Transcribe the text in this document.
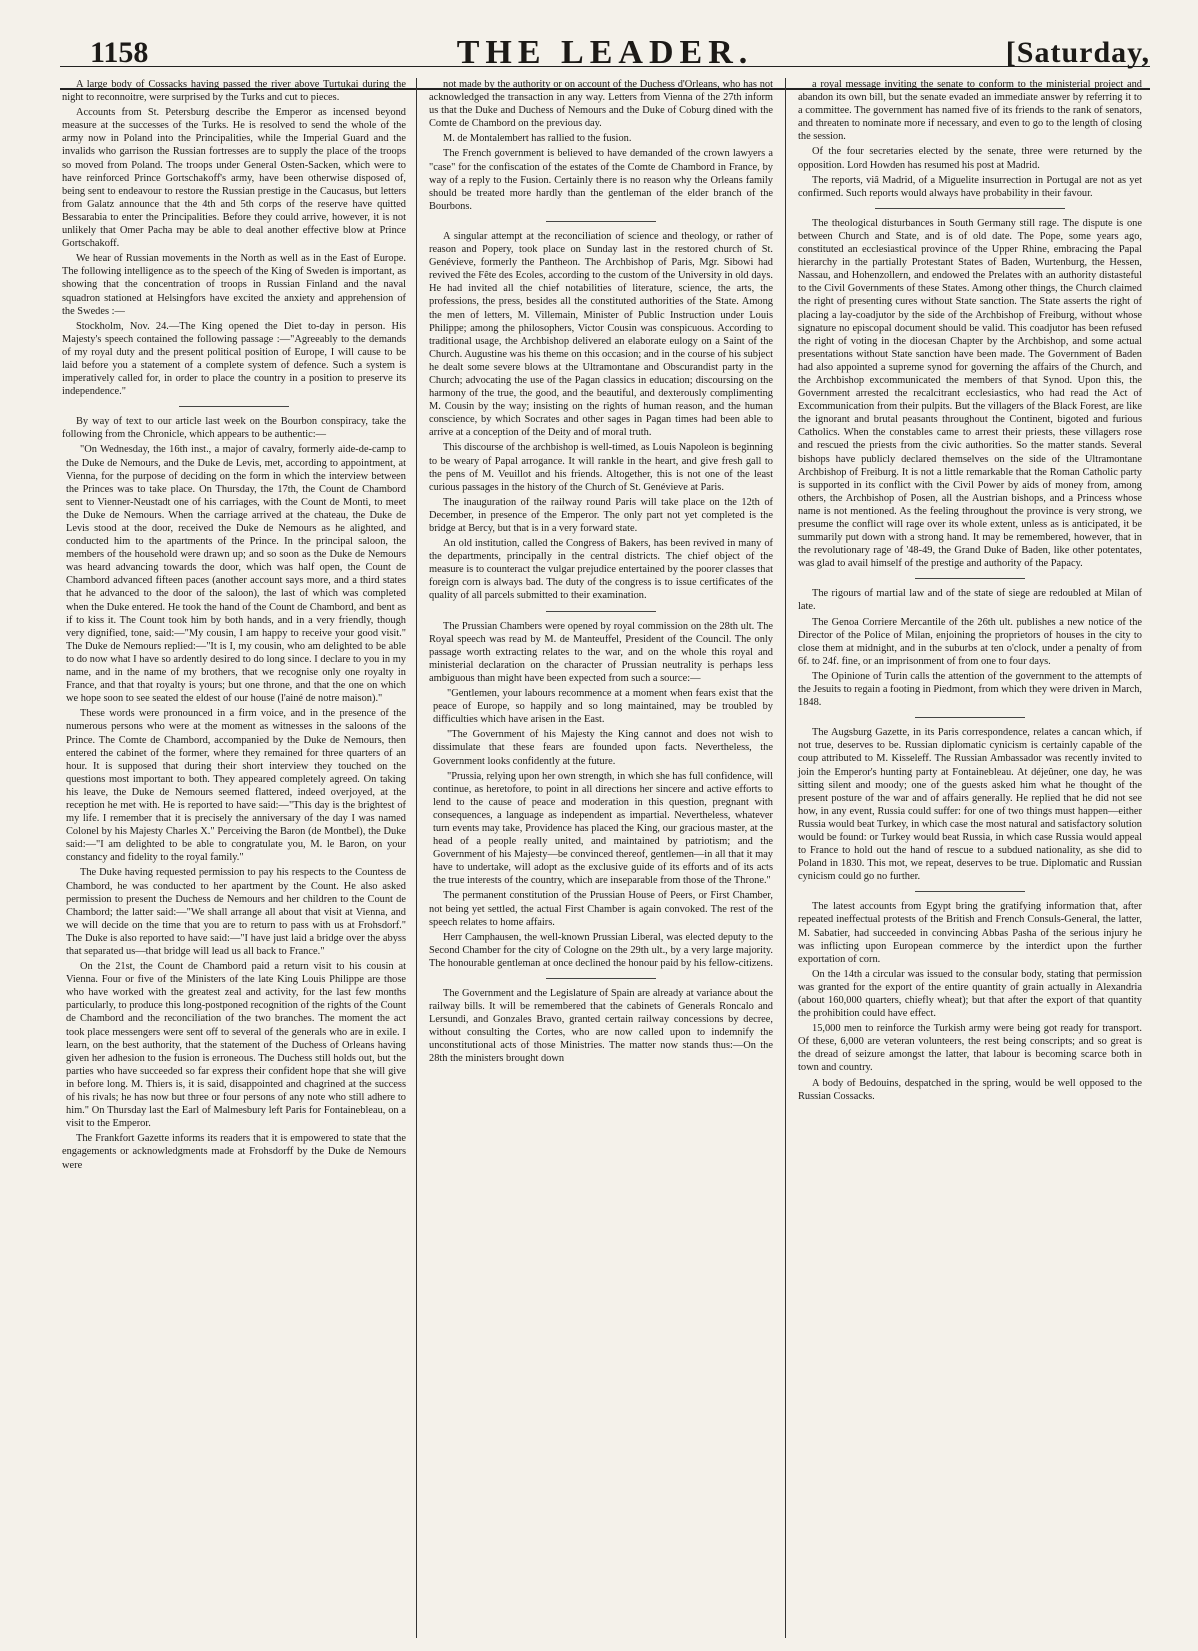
1158	THE LEADER.	[Saturday,

A large body of Cossacks having passed the river above Turtukai during the night to reconnoitre, were surprised by the Turks and cut to pieces.

Accounts from St. Petersburg describe the Emperor as incensed beyond measure at the successes of the Turks. He is resolved to send the whole of the army now in Poland into the Principalities, while the Imperial Guard and the invalids who garrison the Russian fortresses are to supply the place of the troops so moved from Poland. The troops under General Osten-Sacken, which were to have reinforced Prince Gortschakoff's army, have been otherwise disposed of, being sent to endeavour to restore the Russian prestige in the Caucasus, but letters from Galatz announce that the 4th and 5th corps of the reserve have quitted Bessarabia to enter the Principalities. Before they could arrive, however, it is not unlikely that Omer Pacha may be able to deal another effective blow at Prince Gortschakoff.

We hear of Russian movements in the North as well as in the East of Europe. The following intelligence as to the speech of the King of Sweden is important, as showing that the concentration of troops in Russian Finland and the naval squadron stationed at Helsingfors have excited the anxiety and apprehension of the Swedes :—

Stockholm, Nov. 24.—The King opened the Diet to-day in person. His Majesty's speech contained the following passage :—"Agreeably to the demands of my royal duty and the present political position of Europe, I will cause to be laid before you a statement of a complete system of defence. Such a system is imperatively called for, in order to place the country in a position to preserve its independence."

By way of text to our article last week on the Bourbon conspiracy, take the following from the Chronicle, which appears to be authentic:—

"On Wednesday, the 16th inst., a major of cavalry, formerly aide-de-camp to the Duke de Nemours, and the Duke de Levis, met, according to appointment, at Vienna, for the purpose of deciding on the form in which the interview between the Princes was to take place. On Thursday, the 17th, the Count de Chambord sent to Vienner-Neustadt one of his carriages, with the Count de Monti, to meet the Duke de Nemours. When the carriage arrived at the chateau, the Duke de Levis stood at the door, received the Duke de Nemours as he alighted, and conducted him to the apartments of the Prince. In the principal saloon, the members of the household were drawn up; and so soon as the Duke de Nemours was heard advancing towards the door, which was half open, the Count de Chambord advanced fifteen paces (another account says more, and a third states that he advanced to the door of the saloon), the last of which was completed when the Duke entered. He took the hand of the Count de Chambord, and bent as if to kiss it. The Count took him by both hands, and in a very friendly, though very dignified, tone, said:—"My cousin, I am happy to receive your good visit." The Duke de Nemours replied:—"It is I, my cousin, who am delighted to be able to do now what I have so ardently desired to do long since. I declare to you in my name, and in the name of my brothers, that we recognise only one royalty in France, and that that royalty is yours; but one throne, and that the one on which we hope soon to see seated the eldest of our house (l'ainé de notre maison)."

These words were pronounced in a firm voice, and in the presence of the numerous persons who were at the moment as witnesses in the saloons of the Prince. The Comte de Chambord, accompanied by the Duke de Nemours, then entered the cabinet of the former, where they remained for three quarters of an hour. It is supposed that during their short interview they touched on the questions most important to both. They appeared completely agreed. On taking his leave, the Duke de Nemours seemed flattered, indeed overjoyed, at the reception he met with. He is reported to have said:—"This day is the brightest of my life. I remember that it is precisely the anniversary of the day I was named Colonel by his Majesty Charles X." Perceiving the Baron (de Montbel), the Duke said:—"I am delighted to be able to congratulate you, M. le Baron, on your constancy and fidelity to the royal family."

The Duke having requested permission to pay his respects to the Countess de Chambord, he was conducted to her apartment by the Count. He also asked permission to present the Duchess de Nemours and her children to the Count de Chambord; the latter said:—"We shall arrange all about that visit at Vienna, and we will decide on the time that you are to return to pass with us at Frohsdorf." The Duke is also reported to have said:—"I have just laid a bridge over the abyss that separated us—that bridge will lead us all back to France."

On the 21st, the Count de Chambord paid a return visit to his cousin at Vienna. Four or five of the Ministers of the late King Louis Philippe are those who have worked with the greatest zeal and activity, for the last few months particularly, to produce this long-postponed recognition of the rights of the Count de Chambord and the reconciliation of the two branches. The moment the act took place messengers were sent off to several of the generals who are in exile. I learn, on the best authority, that the statement of the Duchess of Orleans having given her adhesion to the fusion is erroneous. The Duchess still holds out, but the parties who have succeeded so far express their confident hope that she will give in before long. M. Thiers is, it is said, disappointed and chagrined at the success of his rivals; he has now but three or four persons of any note who still adhere to him." On Thursday last the Earl of Malmesbury left Paris for Fontainebleau, on a visit to the Emperor.

The Frankfort Gazette informs its readers that it is empowered to state that the engagements or acknowledgments made at Frohsdorff by the Duke de Nemours were

not made by the authority or on account of the Duchess d'Orleans, who has not acknowledged the transaction in any way. Letters from Vienna of the 27th inform us that the Duke and Duchess of Nemours and the Duke of Coburg dined with the Comte de Chambord on the previous day.

M. de Montalembert has rallied to the fusion.

The French government is believed to have demanded of the crown lawyers a "case" for the confiscation of the estates of the Comte de Chambord in France, by way of a reply to the Fusion. Certainly there is no reason why the Orleans family should be treated more hardly than the gentleman of the elder branch of the Bourbons.

A singular attempt at the reconciliation of science and theology, or rather of reason and Popery, took place on Sunday last in the restored church of St. Genévieve, formerly the Pantheon. The Archbishop of Paris, Mgr. Sibowi had revived the Fête des Ecoles, according to the custom of the University in old days. He had invited all the chief notabilities of literature, science, the arts, the professions, the press, besides all the constituted authorities of the State. Among the men of letters, M. Villemain, Minister of Public Instruction under Louis Philippe; among the philosophers, Victor Cousin was conspicuous. According to traditional usage, the Archbishop delivered an elaborate eulogy on a Saint of the Church. Augustine was his theme on this occasion; and in the course of his subject he dealt some severe blows at the Ultramontane and Obscurandist party in the Church; advocating the use of the Pagan classics in education; discoursing on the harmony of the true, the good, and the beautiful, and dexterously complimenting M. Cousin by the way; insisting on the rights of human reason, and the human conscience, by which Socrates and other sages in Pagan times had been able to arrive at a conception of the Deity and of moral truth.

This discourse of the archbishop is well-timed, as Louis Napoleon is beginning to be weary of Papal arrogance. It will rankle in the heart, and give fresh gall to the pens of M. Veuillot and his friends. Altogether, this is not one of the least curious passages in the history of the Church of St. Genévieve at Paris.

The inauguration of the railway round Paris will take place on the 12th of December, in presence of the Emperor. The only part not yet completed is the bridge at Bercy, but that is in a very forward state.

An old institution, called the Congress of Bakers, has been revived in many of the departments, principally in the central districts. The chief object of the measure is to counteract the vulgar prejudice entertained by the poorer classes that foreign corn is always bad. The duty of the congress is to issue certificates of the quality of all parcels submitted to their examination.

The Prussian Chambers were opened by royal commission on the 28th ult. The Royal speech was read by M. de Manteuffel, President of the Council. The only passage worth extracting relates to the war, and on the whole this royal and ministerial declaration on the character of Prussian neutrality is perhaps less ambiguous than might have been expected from such a source:—

"Gentlemen, your labours recommence at a moment when fears exist that the peace of Europe, so happily and so long maintained, may be troubled by difficulties which have arisen in the East.

"The Government of his Majesty the King cannot and does not wish to dissimulate that these fears are founded upon facts. Nevertheless, the Government looks confidently at the future.

"Prussia, relying upon her own strength, in which she has full confidence, will continue, as heretofore, to point in all directions her sincere and active efforts to lend to the cause of peace and moderation in this question, pregnant with consequences, a language as independent as impartial. Nevertheless, whatever turn events may take, Providence has placed the King, our gracious master, at the head of a people really united, and maintained by patriotism; and the Government of his Majesty—be convinced thereof, gentlemen—in all that it may have to undertake, will adopt as the exclusive guide of its efforts and of its acts the true interests of the country, which are inseparable from those of the Throne."

The permanent constitution of the Prussian House of Peers, or First Chamber, not being yet settled, the actual First Chamber is again convoked. The rest of the speech relates to home affairs.

Herr Camphausen, the well-known Prussian Liberal, was elected deputy to the Second Chamber for the city of Cologne on the 29th ult., by a very large majority. The honourable gentleman at once declined the honour paid by his fellow-citizens.

The Government and the Legislature of Spain are already at variance about the railway bills. It will be remembered that the cabinets of Generals Roncalo and Lersundi, and Gonzales Bravo, granted certain railway concessions by decree, without consulting the Cortes, who are now called upon to indemnify the unconstitutional acts of those Ministries. The matter now stands thus:—On the 28th the ministers brought down

a royal message inviting the senate to conform to the ministerial project and abandon its own bill, but the senate evaded an immediate answer by referring it to a committee. The government has named five of its friends to the rank of senators, and threaten to nominate more if necessary, and even to go to the length of closing the session.

Of the four secretaries elected by the senate, three were returned by the opposition. Lord Howden has resumed his post at Madrid.

The reports, viâ Madrid, of a Miguelite insurrection in Portugal are not as yet confirmed. Such reports would always have probability in their favour.

The theological disturbances in South Germany still rage. The dispute is one between Church and State, and is of old date. The Pope, some years ago, constituted an ecclesiastical province of the Upper Rhine, embracing the Papal hierarchy in the partially Protestant States of Baden, Wurtenburg, the Hessen, Nassau, and Hohenzollern, and endowed the Prelates with an authority distasteful to the Civil Governments of these States. Among other things, the Church claimed the right of presenting cures without State sanction. The State asserts the right of placing a lay-coadjutor by the side of the Archbishop of Freiburg, without whose signature no episcopal document should be valid. This coadjutor has been refused the right of voting in the diocesan Chapter by the Archbishop, and some actual presentations without State sanction have been made. The Government of Baden had also appointed a supreme synod for governing the affairs of the Church, and the Archbishop excommunicated the members of that Synod. Upon this, the Government arrested the recalcitrant ecclesiastics, who had read the Act of Excommunication from their pulpits. But the villagers of the Black Forest, are like the ignorant and brutal peasants throughout the Continent, bigoted and furious Catholics. When the constables came to arrest their priests, these villagers rose and rescued the priests from the civic authorities. So the matter stands. Several bishops have publicly declared themselves on the side of the Ultramontane Archbishop of Freiburg. It is not a little remarkable that the Roman Catholic party is supported in its conflict with the Civil Power by aids of money from, among others, the Archbishop of Posen, all the Austrian bishops, and a Princess whose name is not mentioned. As the feeling throughout the province is very strong, we presume the conflict will rage over its whole extent, unless as is anticipated, it be summarily put down with a strong hand. It may be remembered, however, that in the revolutionary rage of '48-49, the Grand Duke of Baden, like other potentates, was glad to avail himself of the prestige and authority of the Papacy.

The rigours of martial law and of the state of siege are redoubled at Milan of late.

The Genoa Corriere Mercantile of the 26th ult. publishes a new notice of the Director of the Police of Milan, enjoining the proprietors of houses in the city to close them at midnight, and in the suburbs at ten o'clock, under a penalty of from 6f. to 24f. fine, or an imprisonment of from one to four days.

The Opinione of Turin calls the attention of the government to the attempts of the Jesuits to regain a footing in Piedmont, from which they were driven in March, 1848.

The Augsburg Gazette, in its Paris correspondence, relates a cancan which, if not true, deserves to be. Russian diplomatic cynicism is certainly capable of the coup attributed to M. Kisseleff. The Russian Ambassador was recently invited to join the Emperor's hunting party at Fontainebleau. At déjeûner, one day, he was sitting silent and moody; one of the guests asked him what he thought of the present posture of the war and of affairs generally. He replied that he did not see how, in any event, Russia could suffer: for one of two things must happen—either Russia would beat Turkey, in which case the most natural and satisfactory solution would be found: or Turkey would beat Russia, in which case Russia would appeal to France to hold out the hand of rescue to a subdued nationality, as she did to Poland in 1830. This mot, we repeat, deserves to be true. Diplomatic and Russian cynicism could go no further.

The latest accounts from Egypt bring the gratifying information that, after repeated ineffectual protests of the British and French Consuls-General, the latter, M. Sabatier, had succeeded in convincing Abbas Pasha of the serious injury he was inflicting upon European commerce by the interdict upon the further exportation of corn.

On the 14th a circular was issued to the consular body, stating that permission was granted for the export of the entire quantity of grain actually in Alexandria (about 160,000 quarters, chiefly wheat); but that after the export of that quantity the prohibition could have effect.

15,000 men to reinforce the Turkish army were being got ready for transport. Of these, 6,000 are veteran volunteers, the rest being conscripts; and so great is the dread of seizure amongst the latter, that labour is becoming scarce both in town and country.

A body of Bedouins, despatched in the spring, would be well opposed to the Russian Cossacks.
